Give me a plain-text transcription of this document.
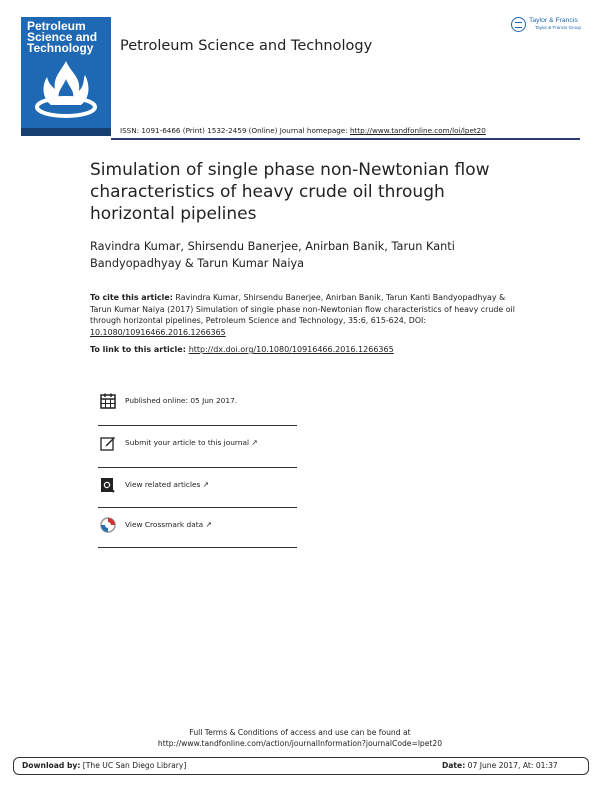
Petroleum
Science and
Technology	Petroleum Science and Technology
Taylor & Francis
Taylor & Francis Group
ISSN: 1091-6466 (Print) 1532-2459 (Online) Journal homepage: http://www.tandfonline.com/loi/lpet20
Simulation of single phase non-Newtonian flow characteristics of heavy crude oil through horizontal pipelines
Ravindra Kumar, Shirsendu Banerjee, Anirban Banik, Tarun Kanti Bandyopadhyay & Tarun Kumar Naiya
To cite this article: Ravindra Kumar, Shirsendu Banerjee, Anirban Banik, Tarun Kanti Bandyopadhyay & Tarun Kumar Naiya (2017) Simulation of single phase non-Newtonian flow characteristics of heavy crude oil through horizontal pipelines, Petroleum Science and Technology, 35:6, 615-624, DOI: 10.1080/10916466.2016.1266365
To link to this article: http://dx.doi.org/10.1080/10916466.2016.1266365
Published online: 05 Jun 2017.
Submit your article to this journal ↗
View related articles ↗
View Crossmark data ↗
Full Terms & Conditions of access and use can be found at
http://www.tandfonline.com/action/journalInformation?journalCode=lpet20
Download by: [The UC San Diego Library]	Date: 07 June 2017, At: 01:37
